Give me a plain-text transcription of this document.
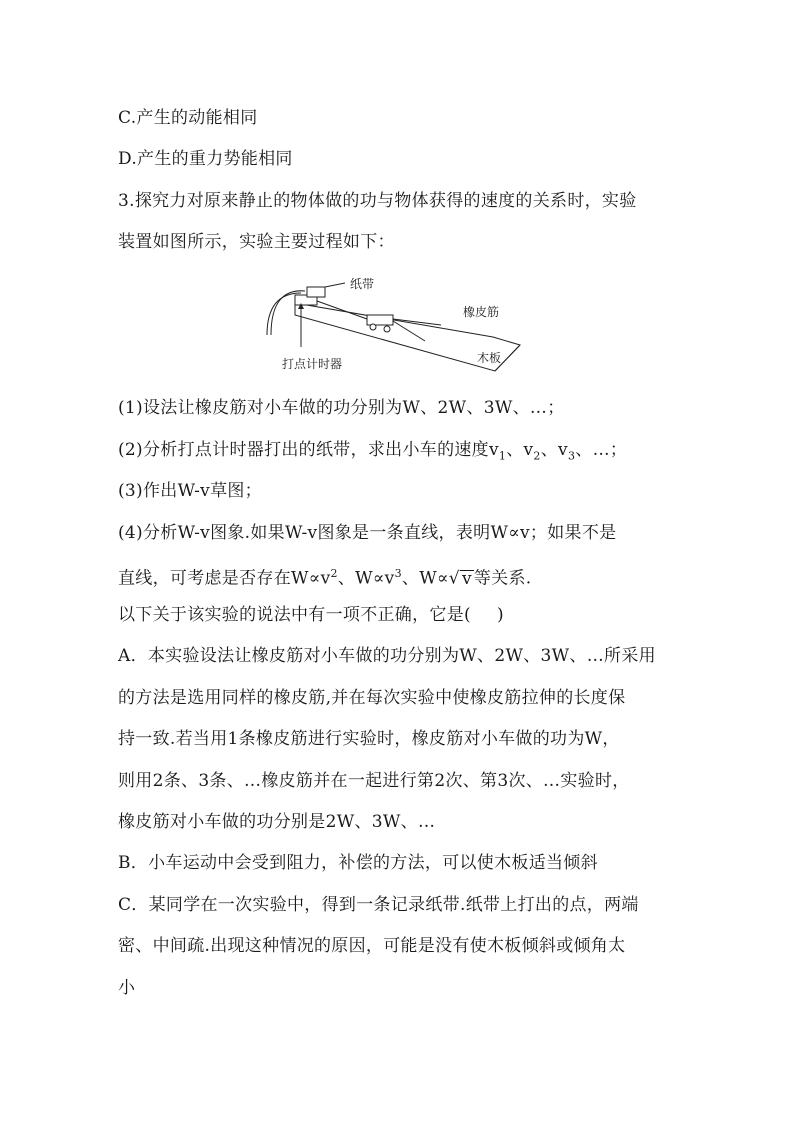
C.产生的动能相同
D.产生的重力势能相同
3.探究力对原来静止的物体做的功与物体获得的速度的关系时，实验
装置如图所示，实验主要过程如下：
纸带
橡皮筋
木板
打点计时器
(1)设法让橡皮筋对小车做的功分别为W、2W、3W、…；
(2)分析打点计时器打出的纸带，求出小车的速度$v_1$、$v_2$、$v_3$、…；
(3)作出W-v草图；
(4)分析W-v图象.如果W-v图象是一条直线，表明W∝v；如果不是
直线，可考虑是否存在$W\propto v^2$、$W\propto v^3$、W∝√ v 等关系.
以下关于该实验的说法中有一项不正确，它是( )
A．本实验设法让橡皮筋对小车做的功分别为W、2W、3W、…所采用
的方法是选用同样的橡皮筋,并在每次实验中使橡皮筋拉伸的长度保
持一致.若当用1条橡皮筋进行实验时，橡皮筋对小车做的功为W，
则用2条、3条、…橡皮筋并在一起进行第2次、第3次、…实验时，
橡皮筋对小车做的功分别是2W、3W、…
B．小车运动中会受到阻力，补偿的方法，可以使木板适当倾斜
C．某同学在一次实验中，得到一条记录纸带.纸带上打出的点，两端
密、中间疏.出现这种情况的原因，可能是没有使木板倾斜或倾角太
小
